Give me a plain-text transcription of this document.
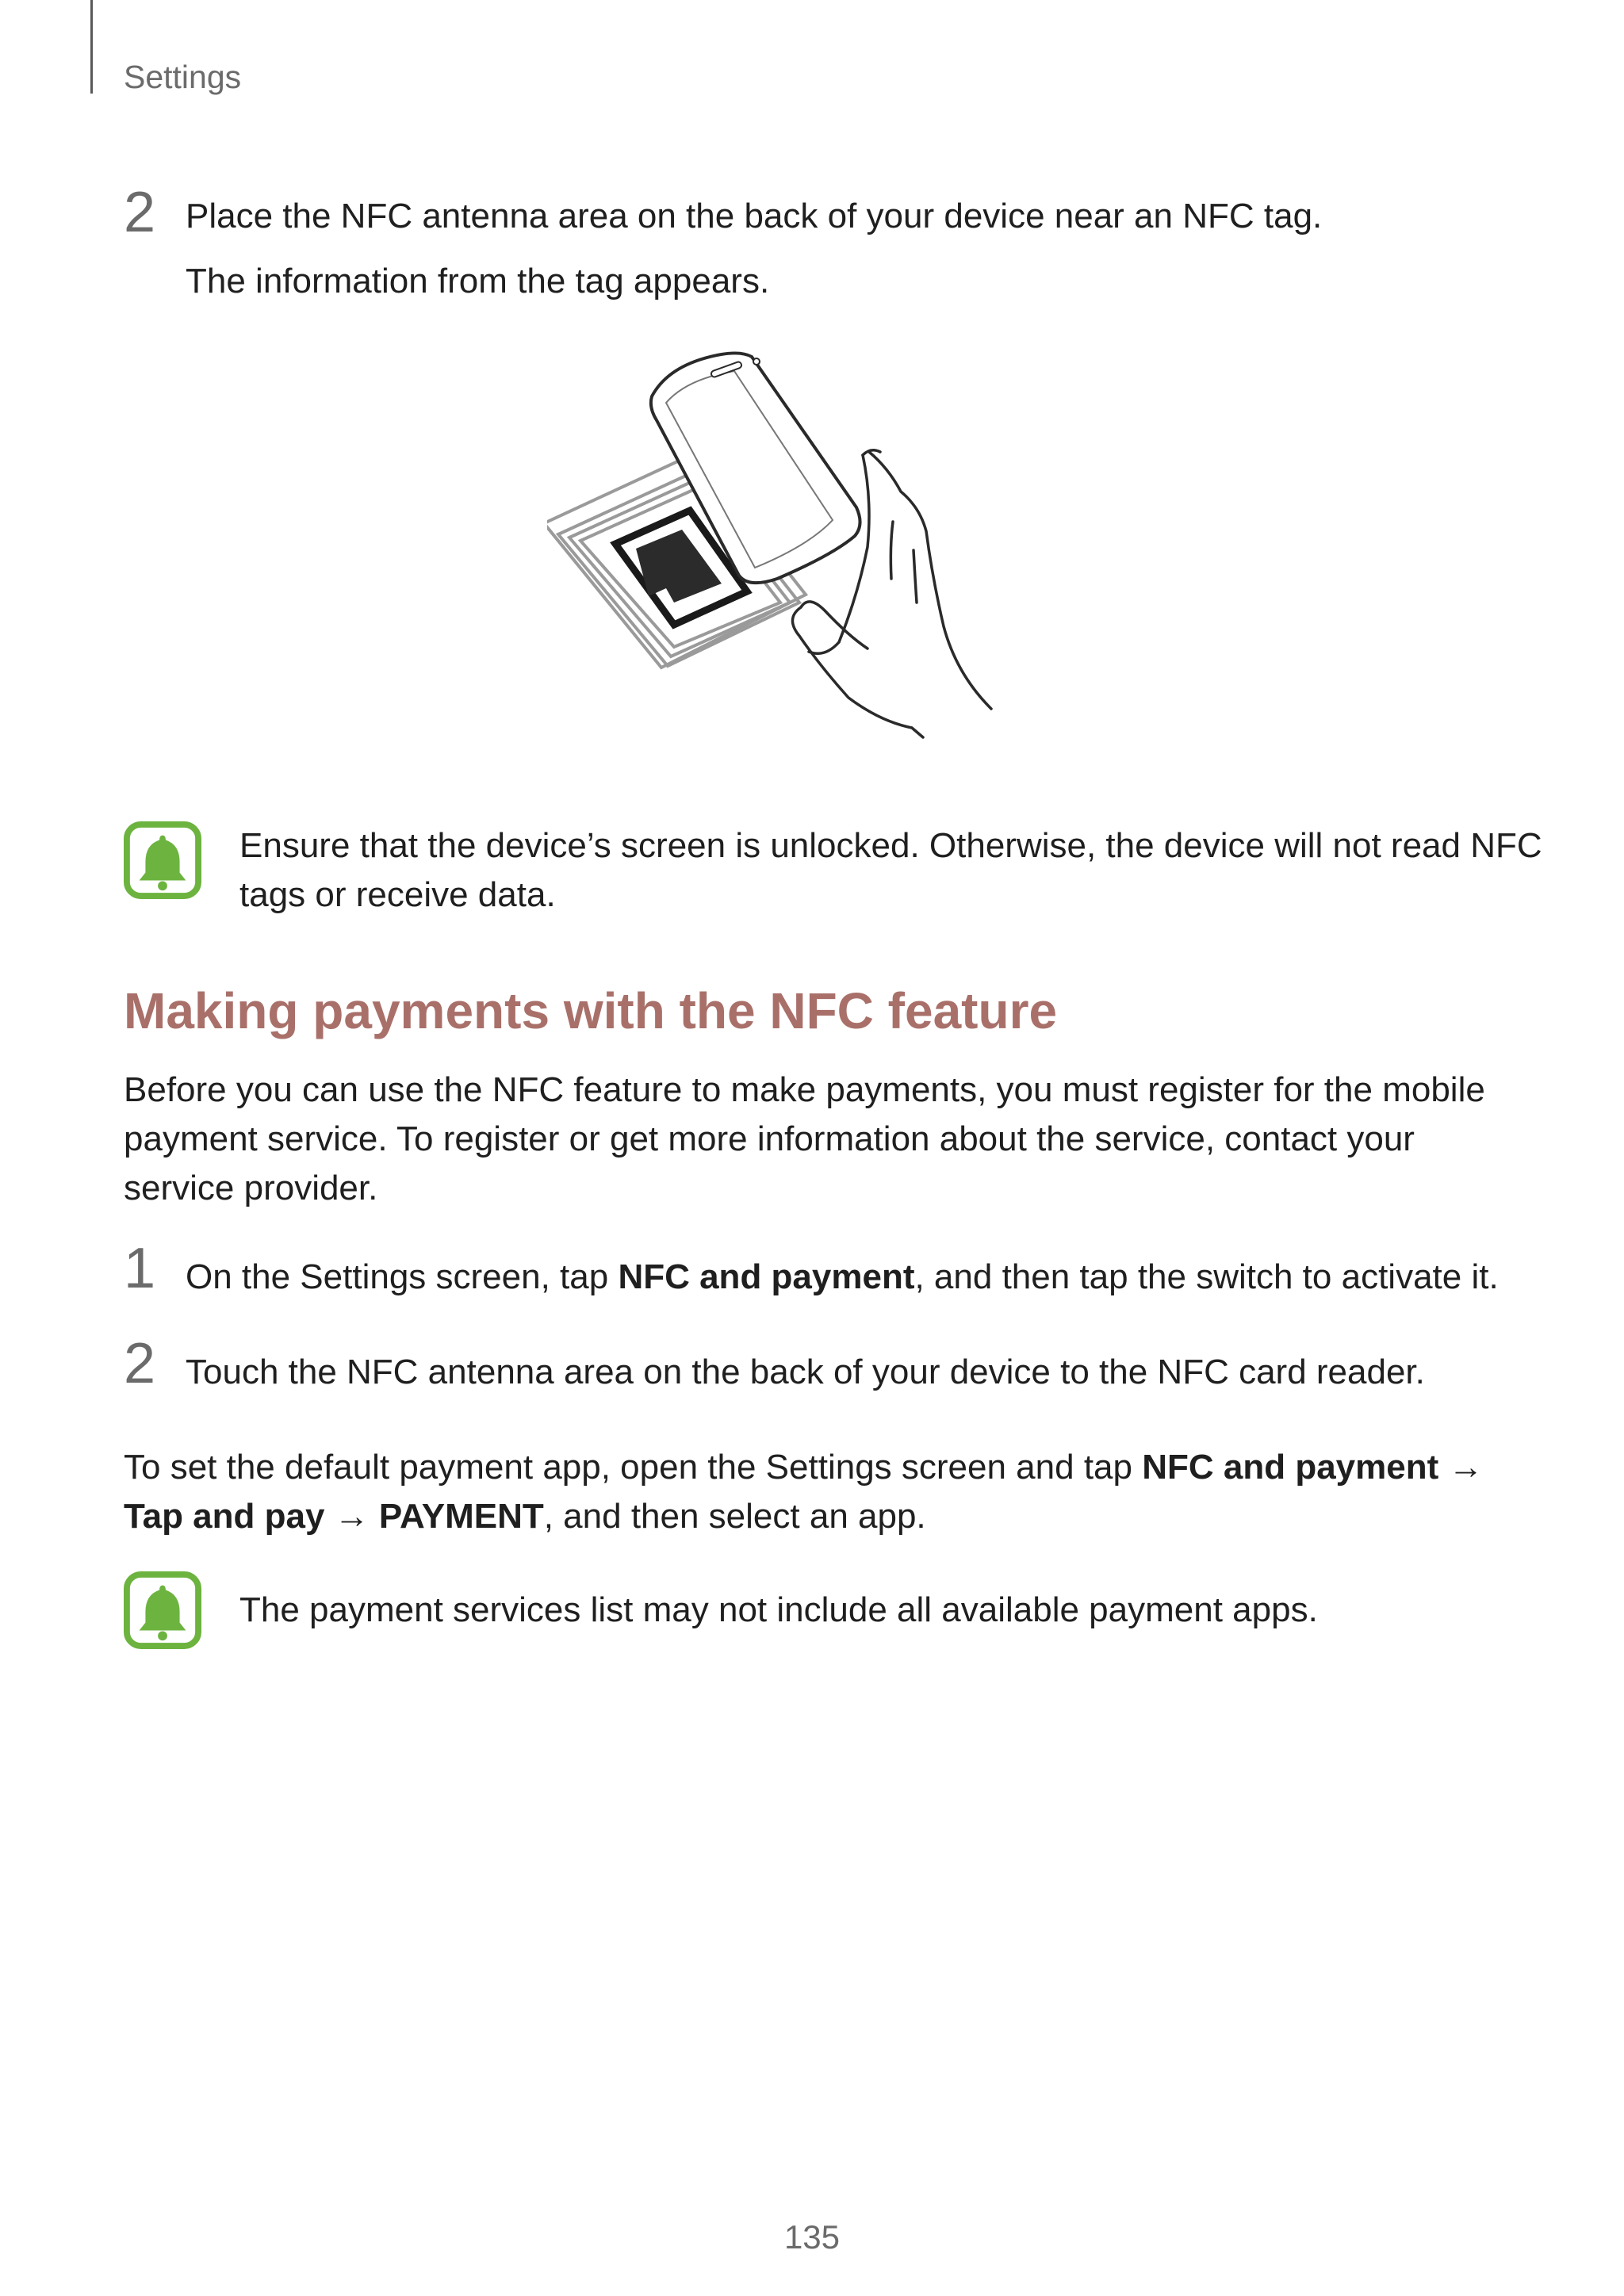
Settings
2 Place the NFC antenna area on the back of your device near an NFC tag.
The information from the tag appears.
Ensure that the device’s screen is unlocked. Otherwise, the device will not read NFC tags or receive data.
Making payments with the NFC feature
Before you can use the NFC feature to make payments, you must register for the mobile payment service. To register or get more information about the service, contact your service provider.
1 On the Settings screen, tap NFC and payment, and then tap the switch to activate it.
2 Touch the NFC antenna area on the back of your device to the NFC card reader.
To set the default payment app, open the Settings screen and tap NFC and payment → Tap and pay → PAYMENT, and then select an app.
The payment services list may not include all available payment apps.
135
